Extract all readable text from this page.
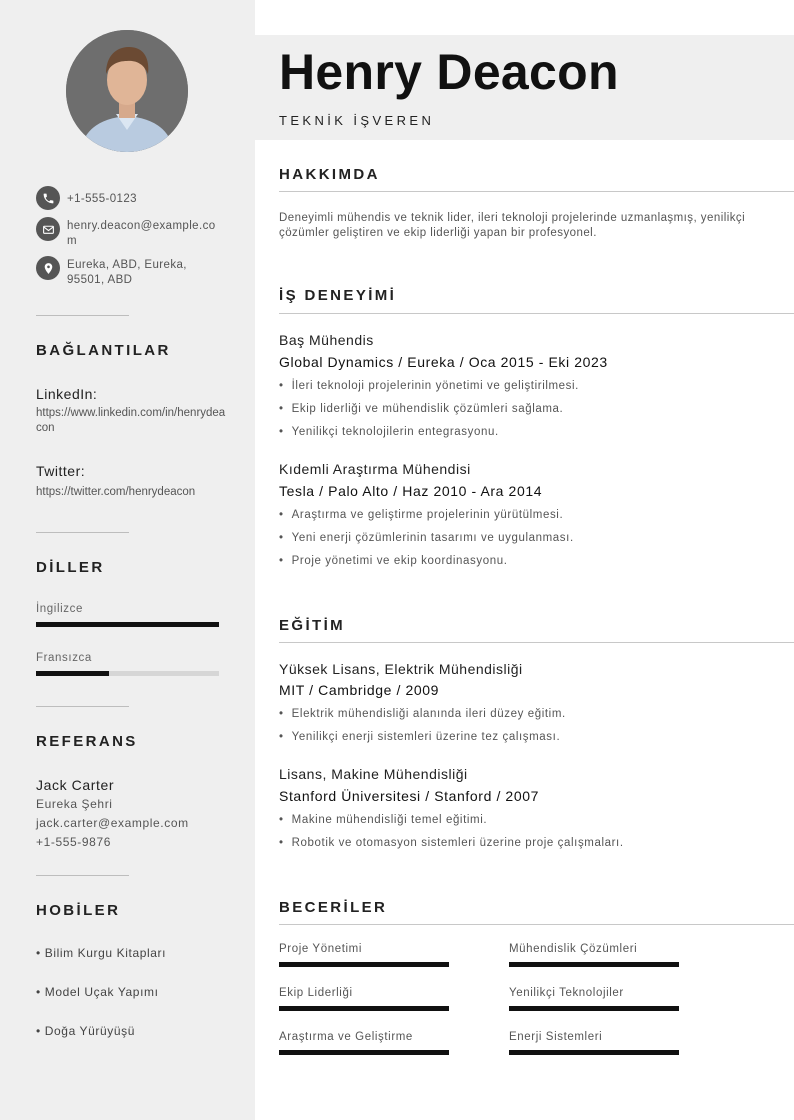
+1-555-0123
henry.deacon@example.com
Eureka, ABD, Eureka, 95501, ABD
BAĞLANTILAR
LinkedIn:
https://www.linkedin.com/in/henrydeacon
Twitter:
https://twitter.com/henrydeacon
DİLLER
İngilizce
Fransızca
REFERANS
Jack Carter
Eureka Şehri
jack.carter@example.com
+1-555-9876
HOBİLER
• Bilim Kurgu Kitapları
• Model Uçak Yapımı
• Doğa Yürüyüşü
Henry Deacon
TEKNİK İŞVEREN
HAKKIMDA
Deneyimli mühendis ve teknik lider, ileri teknoloji projelerinde uzmanlaşmış, yenilikçi çözümler geliştiren ve ekip liderliği yapan bir profesyonel.
İŞ DENEYİMİ
Baş Mühendis
Global Dynamics / Eureka / Oca 2015 - Eki 2023
• İleri teknoloji projelerinin yönetimi ve geliştirilmesi.
• Ekip liderliği ve mühendislik çözümleri sağlama.
• Yenilikçi teknolojilerin entegrasyonu.
Kıdemli Araştırma Mühendisi
Tesla / Palo Alto / Haz 2010 - Ara 2014
• Araştırma ve geliştirme projelerinin yürütülmesi.
• Yeni enerji çözümlerinin tasarımı ve uygulanması.
• Proje yönetimi ve ekip koordinasyonu.
EĞİTİM
Yüksek Lisans, Elektrik Mühendisliği
MIT / Cambridge / 2009
• Elektrik mühendisliği alanında ileri düzey eğitim.
• Yenilikçi enerji sistemleri üzerine tez çalışması.
Lisans, Makine Mühendisliği
Stanford Üniversitesi / Stanford / 2007
• Makine mühendisliği temel eğitimi.
• Robotik ve otomasyon sistemleri üzerine proje çalışmaları.
BECERİLER
Proje Yönetimi	Mühendislik Çözümleri
Ekip Liderliği	Yenilikçi Teknolojiler
Araştırma ve Geliştirme	Enerji Sistemleri
